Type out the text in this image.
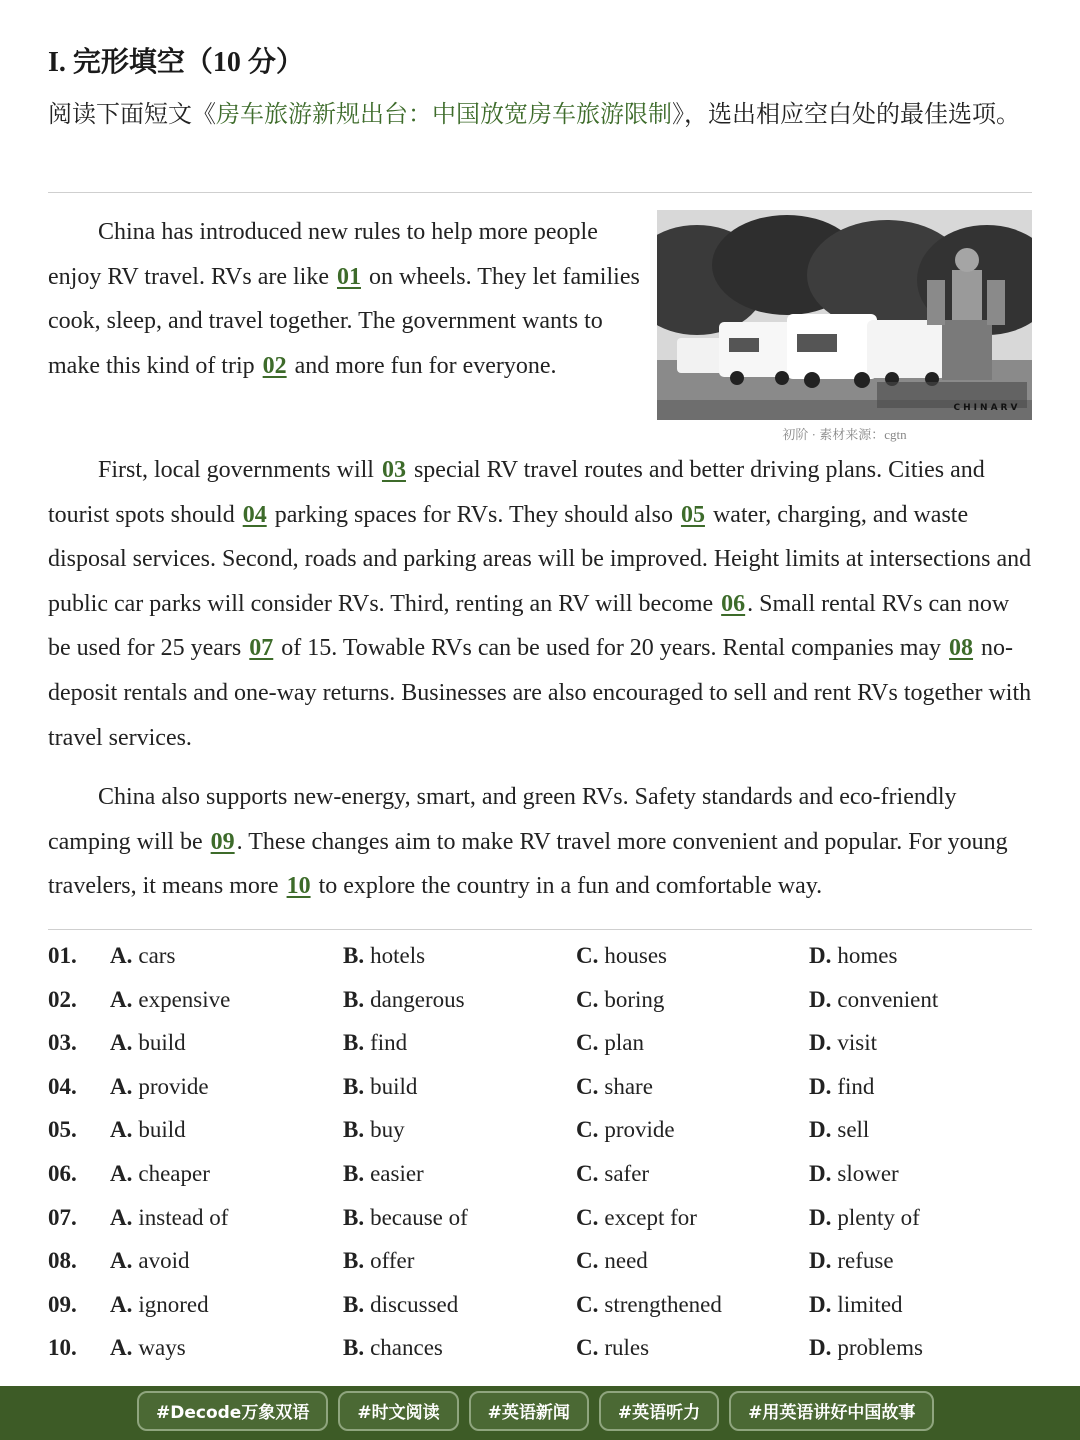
I. 完形填空（10 分）
阅读下面短文《房车旅游新规出台：中国放宽房车旅游限制》，选出相应空白处的最佳选项。
CHINARV
初阶 · 素材来源：cgtn

China has introduced new rules to help more people enjoy RV travel. RVs are like 01 on wheels. They let families cook, sleep, and travel together. The government wants to make this kind of trip 02 and more fun for everyone.

First, local governments will 03 special RV travel routes and better driving plans. Cities and tourist spots should 04 parking spaces for RVs. They should also 05 water, charging, and waste disposal services. Second, roads and parking areas will be improved. Height limits at intersections and public car parks will consider RVs. Third, renting an RV will become 06. Small rental RVs can now be used for 25 years 07 of 15. Towable RVs can be used for 20 years. Rental companies may 08 no-deposit rentals and one-way returns. Businesses are also encouraged to sell and rent RVs together with travel services.

China also supports new-energy, smart, and green RVs. Safety standards and eco-friendly camping will be 09. These changes aim to make RV travel more convenient and popular. For young travelers, it means more 10 to explore the country in a fun and comfortable way.

01. A. cars	B. hotels	C. houses	D. homes
02. A. expensive	B. dangerous	C. boring	D. convenient
03. A. build	B. find	C. plan	D. visit
04. A. provide	B. build	C. share	D. find
05. A. build	B. buy	C. provide	D. sell
06. A. cheaper	B. easier	C. safer	D. slower
07. A. instead of	B. because of	C. except for	D. plenty of
08. A. avoid	B. offer	C. need	D. refuse
09. A. ignored	B. discussed	C. strengthened	D. limited
10. A. ways	B. chances	C. rules	D. problems
#Decode万象双语	#时文阅读	#英语新闻	#英语听力	#用英语讲好中国故事
